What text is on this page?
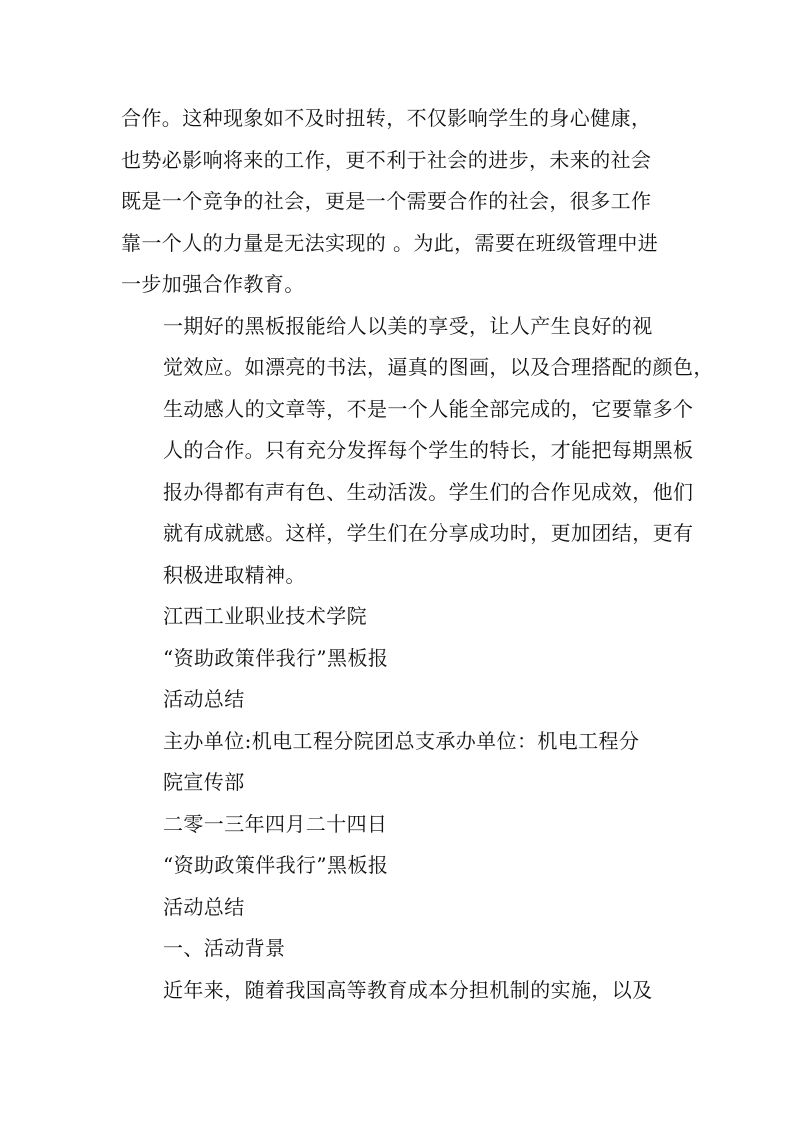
合作。这种现象如不及时扭转，不仅影响学生的身心健康，
也势必影响将来的工作，更不利于社会的进步，未来的社会
既是一个竞争的社会，更是一个需要合作的社会，很多工作
靠一个人的力量是无法实现的 。为此，需要在班级管理中进
一步加强合作教育。

一期好的黑板报能给人以美的享受，让人产生良好的视
觉效应。如漂亮的书法，逼真的图画，以及合理搭配的颜色，
生动感人的文章等，不是一个人能全部完成的，它要靠多个
人的合作。只有充分发挥每个学生的特长，才能把每期黑板
报办得都有声有色、生动活泼。学生们的合作见成效，他们
就有成就感。这样，学生们在分享成功时，更加团结，更有
积极进取精神。

江西工业职业技术学院

“资助政策伴我行”黑板报

活动总结

主办单位:机电工程分院团总支承办单位：机电工程分
院宣传部

二零一三年四月二十四日

“资助政策伴我行”黑板报

活动总结

一、活动背景

近年来，随着我国高等教育成本分担机制的实施，以及
